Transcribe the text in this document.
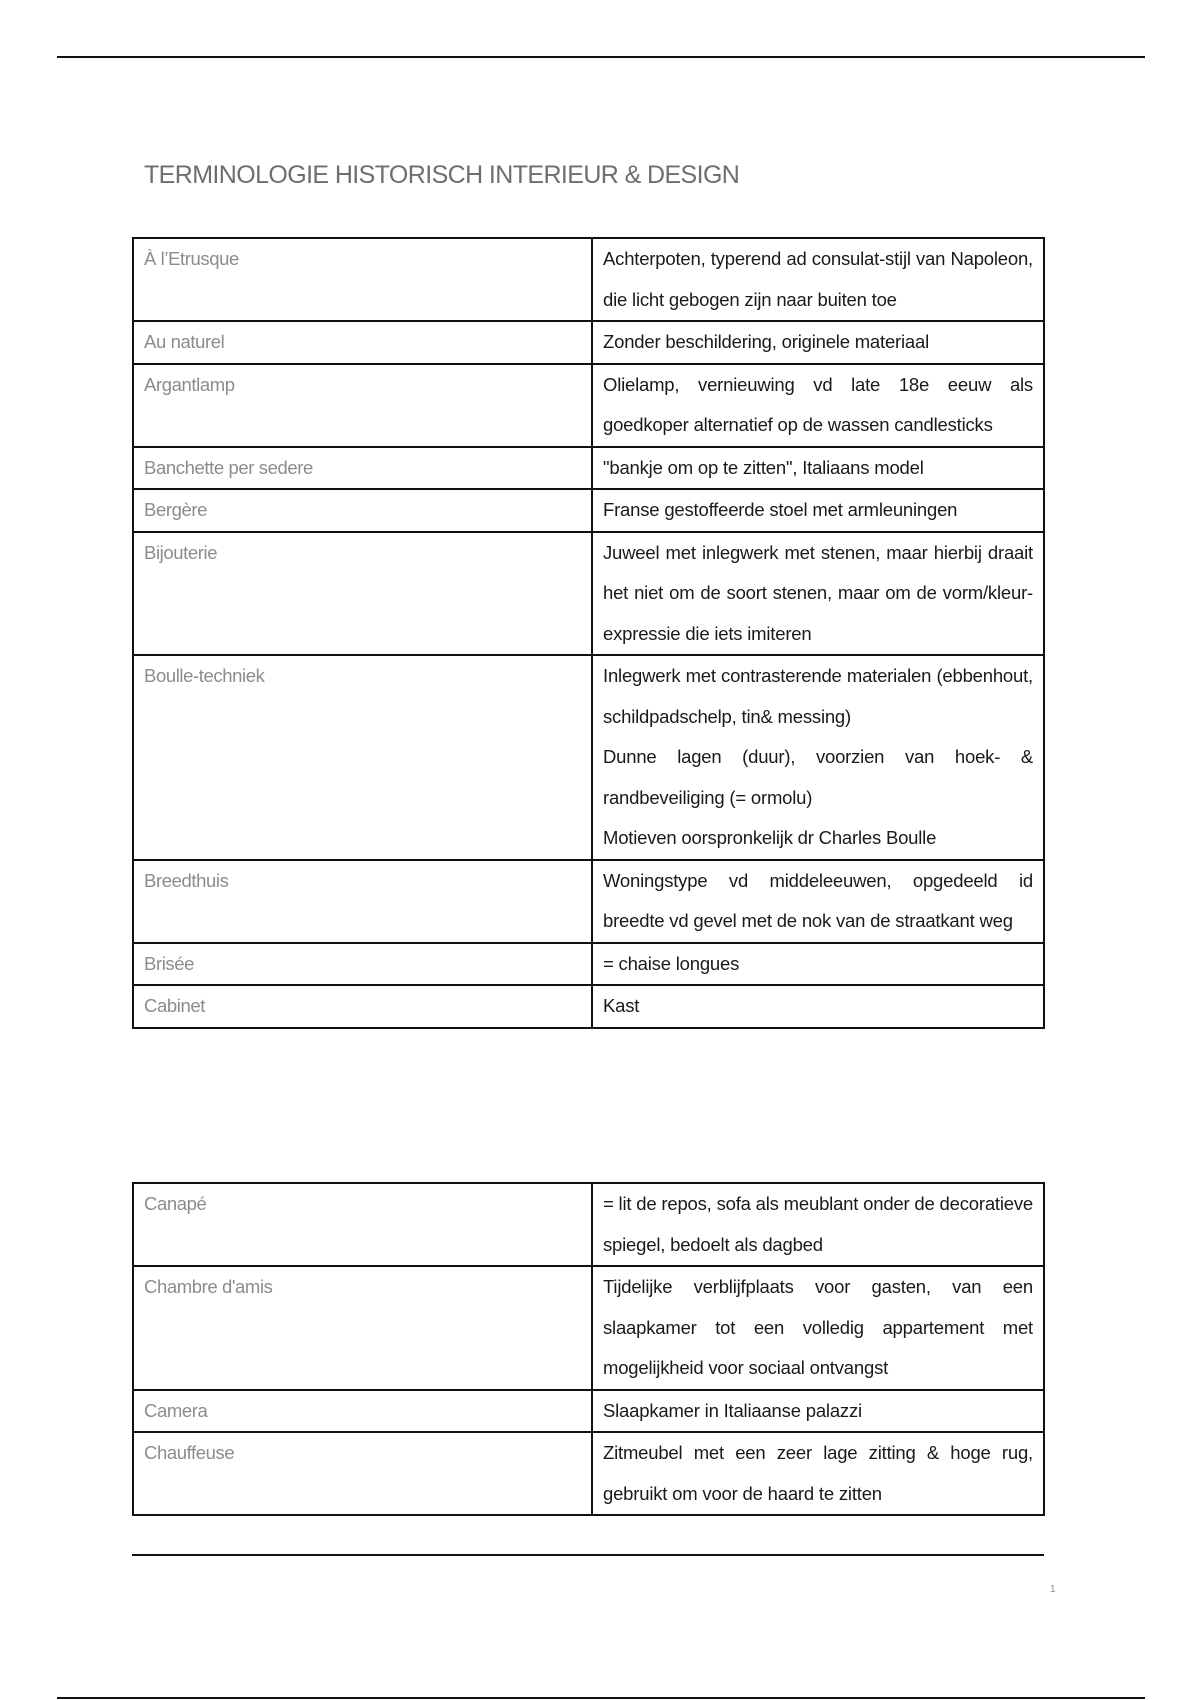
TERMINOLOGIE HISTORISCH INTERIEUR & DESIGN
À l’Etrusque	Achterpoten, typerend ad consulat-stijl van Napoleon, die licht gebogen zijn naar buiten toe

Au naturel	Zonder beschildering, originele materiaal

Argantlamp	Olielamp, vernieuwing vd late 18e eeuw als goedkoper alternatief op de wassen candlesticks

Banchette per sedere	"bankje om op te zitten", Italiaans model

Bergère	Franse gestoffeerde stoel met armleuningen

Bijouterie	Juweel met inlegwerk met stenen, maar hierbij draait het niet om de soort stenen, maar om de vorm/kleur-expressie die iets imiteren

Boulle-techniek	Inlegwerk met contrasterende materialen (ebbenhout, schildpadschelp, tin& messing)
Dunne lagen (duur), voorzien van hoek- & randbeveiliging (= ormolu)
Motieven oorspronkelijk dr Charles Boulle

Breedthuis	Woningstype vd middeleeuwen, opgedeeld id breedte vd gevel met de nok van de straatkant weg

Brisée	= chaise longues

Cabinet	Kast
Canapé	= lit de repos, sofa als meublant onder de decoratieve spiegel, bedoelt als dagbed

Chambre d'amis	Tijdelijke verblijfplaats voor gasten, van een slaapkamer tot een volledig appartement met mogelijkheid voor sociaal ontvangst

Camera	Slaapkamer in Italiaanse palazzi

Chauffeuse	Zitmeubel met een zeer lage zitting & hoge rug, gebruikt om voor de haard te zitten
1
